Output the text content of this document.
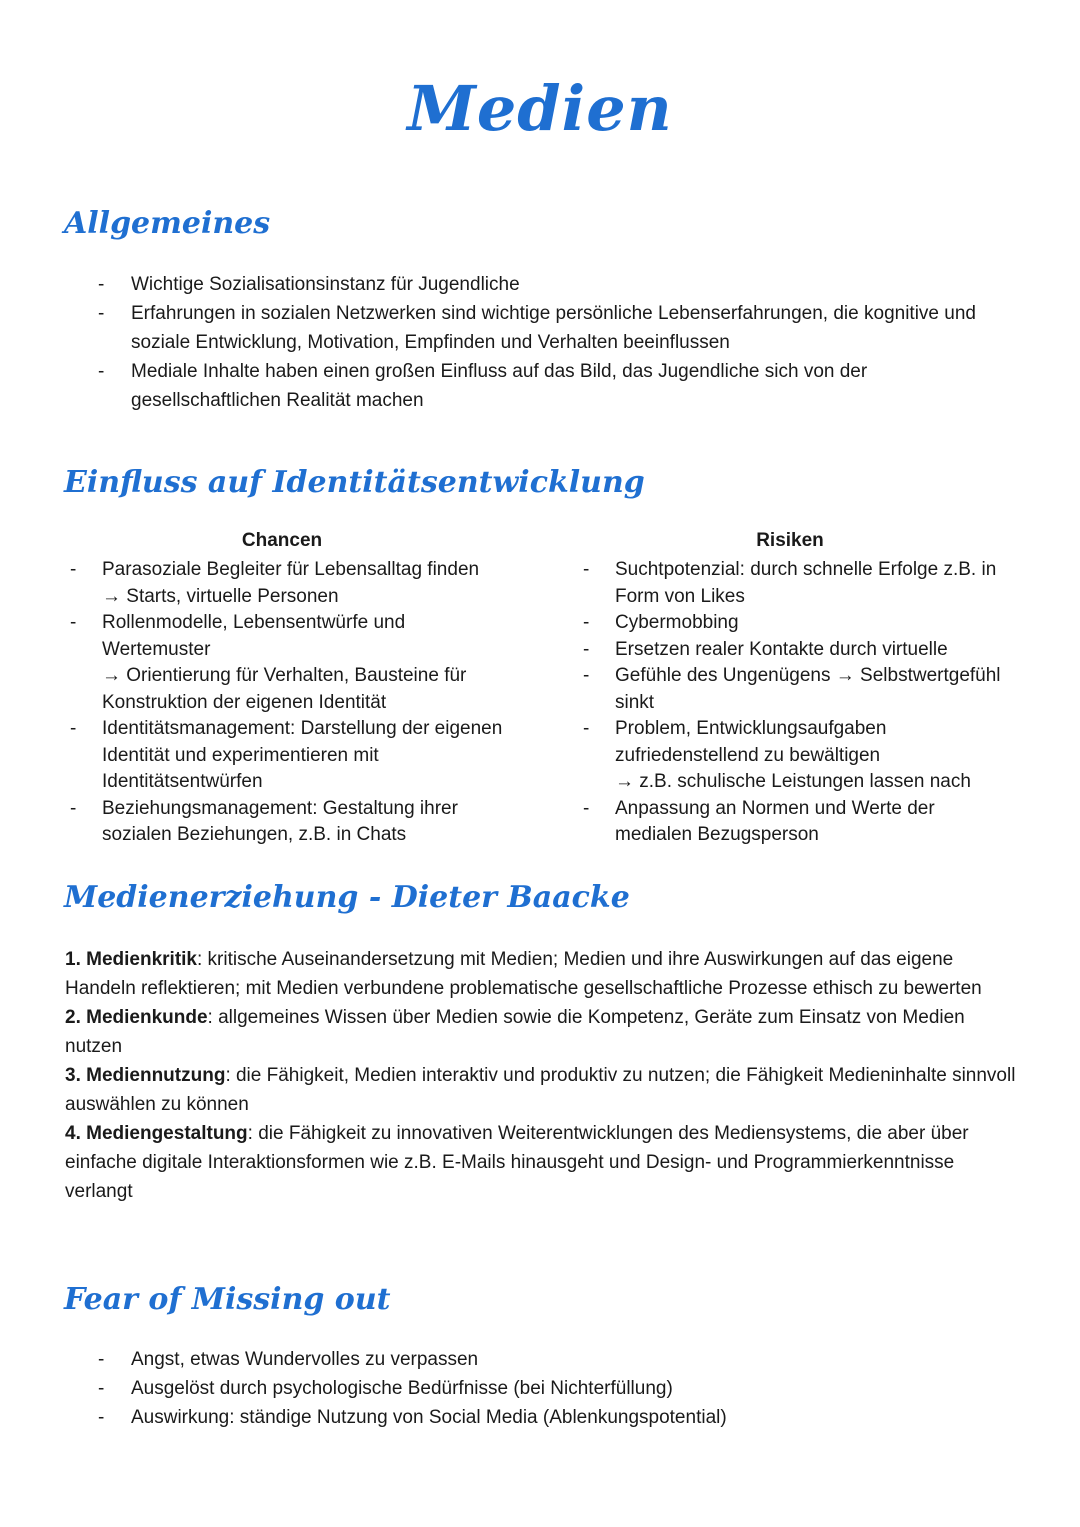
Medien
Allgemeines
- Wichtige Sozialisationsinstanz für Jugendliche
- Erfahrungen in sozialen Netzwerken sind wichtige persönliche Lebenserfahrungen, die kognitive und soziale Entwicklung, Motivation, Empfinden und Verhalten beeinflussen
- Mediale Inhalte haben einen großen Einfluss auf das Bild, das Jugendliche sich von der gesellschaftlichen Realität machen
Einfluss auf Identitätsentwicklung
Chancen
- Parasoziale Begleiter für Lebensalltag finden
→ Starts, virtuelle Personen
- Rollenmodelle, Lebensentwürfe und Wertemuster
→ Orientierung für Verhalten, Bausteine für Konstruktion der eigenen Identität
- Identitätsmanagement: Darstellung der eigenen Identität und experimentieren mit Identitätsentwürfen
- Beziehungsmanagement: Gestaltung ihrer sozialen Beziehungen, z.B. in Chats
Risiken
- Suchtpotenzial: durch schnelle Erfolge z.B. in Form von Likes
- Cybermobbing
- Ersetzen realer Kontakte durch virtuelle
- Gefühle des Ungenügens → Selbstwertgefühl sinkt
- Problem, Entwicklungsaufgaben zufriedenstellend zu bewältigen
→ z.B. schulische Leistungen lassen nach
- Anpassung an Normen und Werte der medialen Bezugsperson
Medienerziehung - Dieter Baacke
1. Medienkritik: kritische Auseinandersetzung mit Medien; Medien und ihre Auswirkungen auf das eigene Handeln reflektieren; mit Medien verbundene problematische gesellschaftliche Prozesse ethisch zu bewerten
2. Medienkunde: allgemeines Wissen über Medien sowie die Kompetenz, Geräte zum Einsatz von Medien nutzen
3. Mediennutzung: die Fähigkeit, Medien interaktiv und produktiv zu nutzen; die Fähigkeit Medieninhalte sinnvoll auswählen zu können
4. Mediengestaltung: die Fähigkeit zu innovativen Weiterentwicklungen des Mediensystems, die aber über einfache digitale Interaktionsformen wie z.B. E-Mails hinausgeht und Design- und Programmierkenntnisse verlangt
Fear of Missing out
- Angst, etwas Wundervolles zu verpassen
- Ausgelöst durch psychologische Bedürfnisse (bei Nichterfüllung)
- Auswirkung: ständige Nutzung von Social Media (Ablenkungspotential)
